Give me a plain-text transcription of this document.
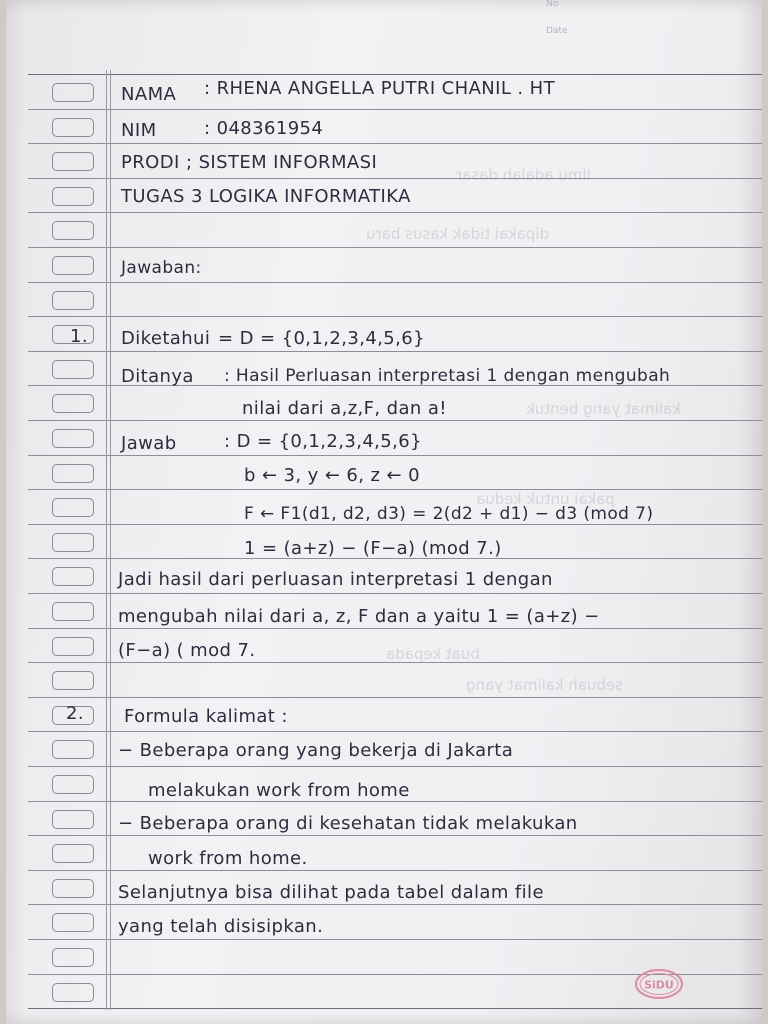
No
Date
Ilmu adalah dasar
dipakai tidak kasus baru
kalimat yang bentuk
pakai untuk kedua
buat kepada
sebuah kalimat yang
NAMA : RHENA ANGELLA PUTRI CHANIL . HT
NIM	: 048361954
PRODI ; SISTEM INFORMASI
TUGAS 3 LOGIKA INFORMATIKA
Jawaban:
1. Diketahui = D = {0,1,2,3,4,5,6}
Ditanya : Hasil Perluasan interpretasi 1 dengan mengubah
nilai dari a,z,F, dan a!
Jawab	: D = {0,1,2,3,4,5,6}
b ← 3, y ← 6, z ← 0
F ← F1(d1, d2, d3) = 2(d2 + d1) − d3 (mod 7)
1 = (a+z) − (F−a) (mod 7.)
Jadi hasil dari perluasan interpretasi 1 dengan
mengubah nilai dari a, z, F dan a yaitu 1 = (a+z) −
(F−a) ( mod 7.
2. Formula kalimat :
− Beberapa orang yang bekerja di Jakarta
melakukan work from home
− Beberapa orang di kesehatan tidak melakukan
work from home.
Selanjutnya bisa dilihat pada tabel dalam file
yang telah disisipkan.
SiDU
